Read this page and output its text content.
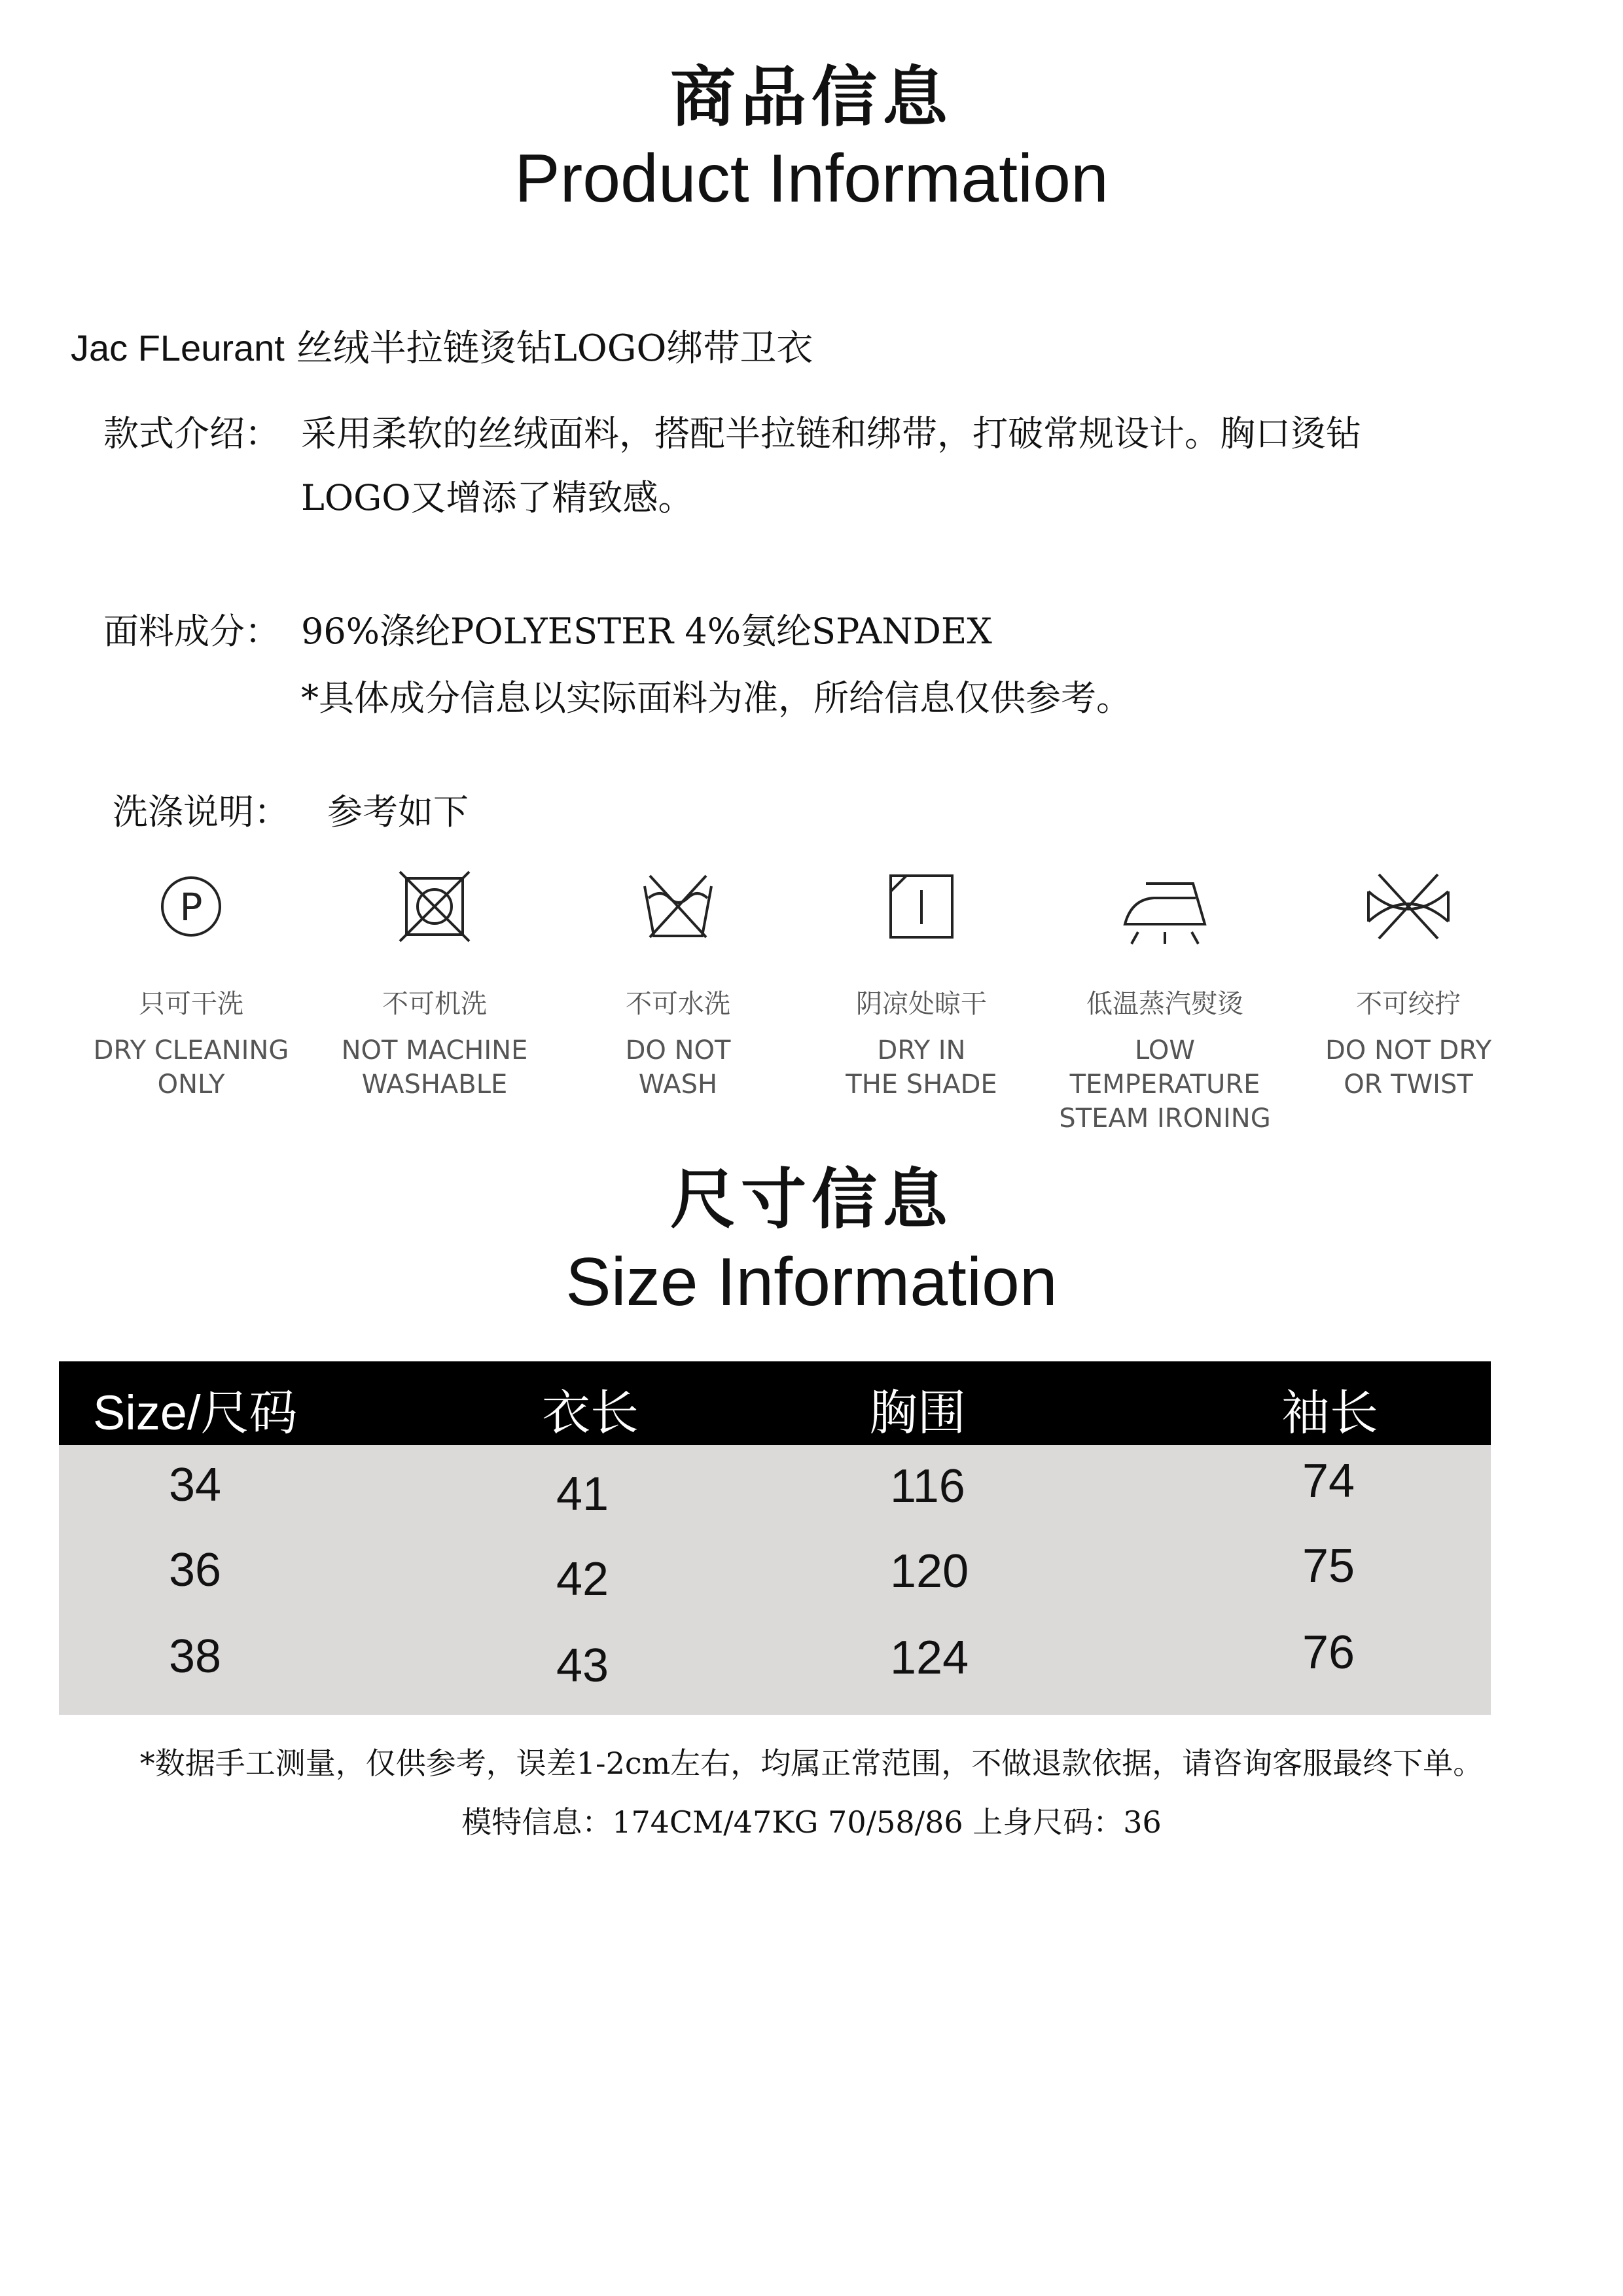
商品信息
Product Information
Jac FLeurant 丝绒半拉链烫钻LOGO绑带卫衣
款式介绍： 采用柔软的丝绒面料，搭配半拉链和绑带，打破常规设计。胸口烫钻
LOGO又增添了精致感。
面料成分： 96%涤纶POLYESTER 4%氨纶SPANDEX
*具体成分信息以实际面料为准，所给信息仅供参考。
洗涤说明： 参考如下
P
只可干洗
DRY CLEANING
ONLY
不可机洗
NOT MACHINE
WASHABLE
不可水洗
DO NOT
WASH
阴凉处晾干
DRY IN
THE SHADE
低温蒸汽熨烫
LOW TEMPERATURE
STEAM IRONING
不可绞拧
DO NOT DRY
OR TWIST
尺寸信息
Size Information
Size/尺码	衣长	胸围	袖长
34	41	116	74
36	42	120	75
38	43	124	76
*数据手工测量，仅供参考，误差1-2cm左右，均属正常范围，不做退款依据，请咨询客服最终下单。
模特信息：174CM/47KG 70/58/86 上身尺码：36
